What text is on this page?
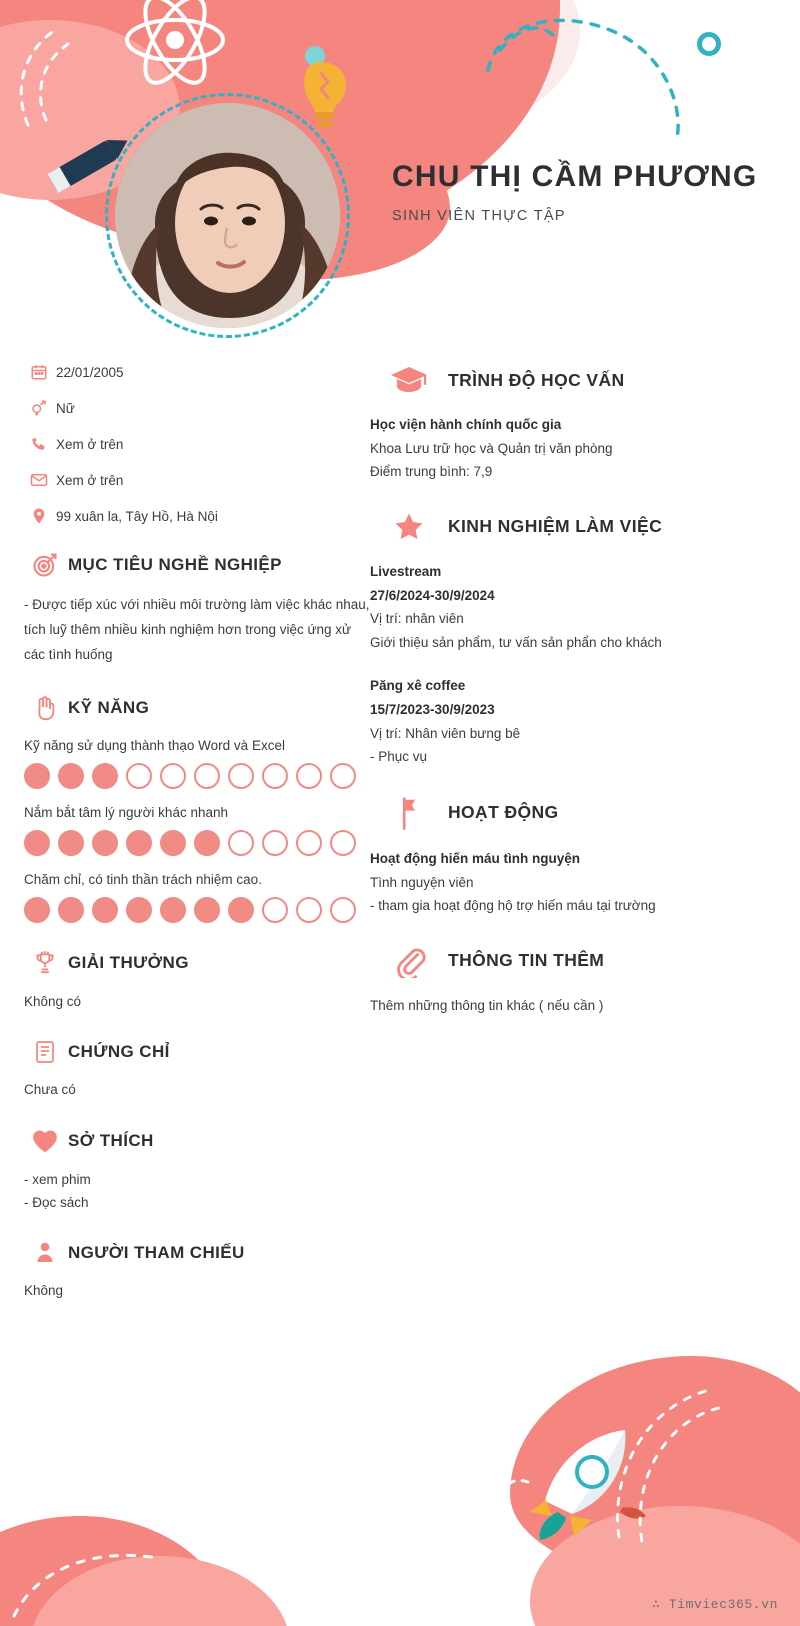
CHU THỊ CẦM PHƯƠNG
SINH VIÊN THỰC TẬP
22/01/2005
Nữ
Xem ở trên
Xem ở trên
99 xuân la, Tây Hồ, Hà Nội
MỤC TIÊU NGHỀ NGHIỆP
- Được tiếp xúc với nhiều môi trường làm việc khác nhau, tích luỹ thêm nhiều kinh nghiệm hơn trong việc ứng xử các tình huống
KỸ NĂNG
Kỹ năng sử dụng thành thạo Word và Excel
Nắm bắt tâm lý người khác nhanh
Chăm chỉ, có tinh thần trách nhiệm cao.
GIẢI THƯỞNG
Không có
CHỨNG CHỈ
Chưa có
SỞ THÍCH
- xem phim
- Đọc sách
NGƯỜI THAM CHIẾU
Không
TRÌNH ĐỘ HỌC VẤN
Học viện hành chính quốc gia
Khoa Lưu trữ học và Quản trị văn phòng
Điểm trung bình: 7,9
KINH NGHIỆM LÀM VIỆC
Livestream
27/6/2024-30/9/2024
Vị trí: nhân viên
Giới thiệu sản phẩm, tư vấn sản phẩn cho khách
Păng xê coffee
15/7/2023-30/9/2023
Vị trí: Nhân viên bưng bê
- Phục vụ
HOẠT ĐỘNG
Hoạt động hiến máu tình nguyện
Tình nguyện viên
- tham gia hoạt động hộ trợ hiến máu tại trường
THÔNG TIN THÊM
Thêm những thông tin khác ( nếu cần )
∴ Timviec365.vn
